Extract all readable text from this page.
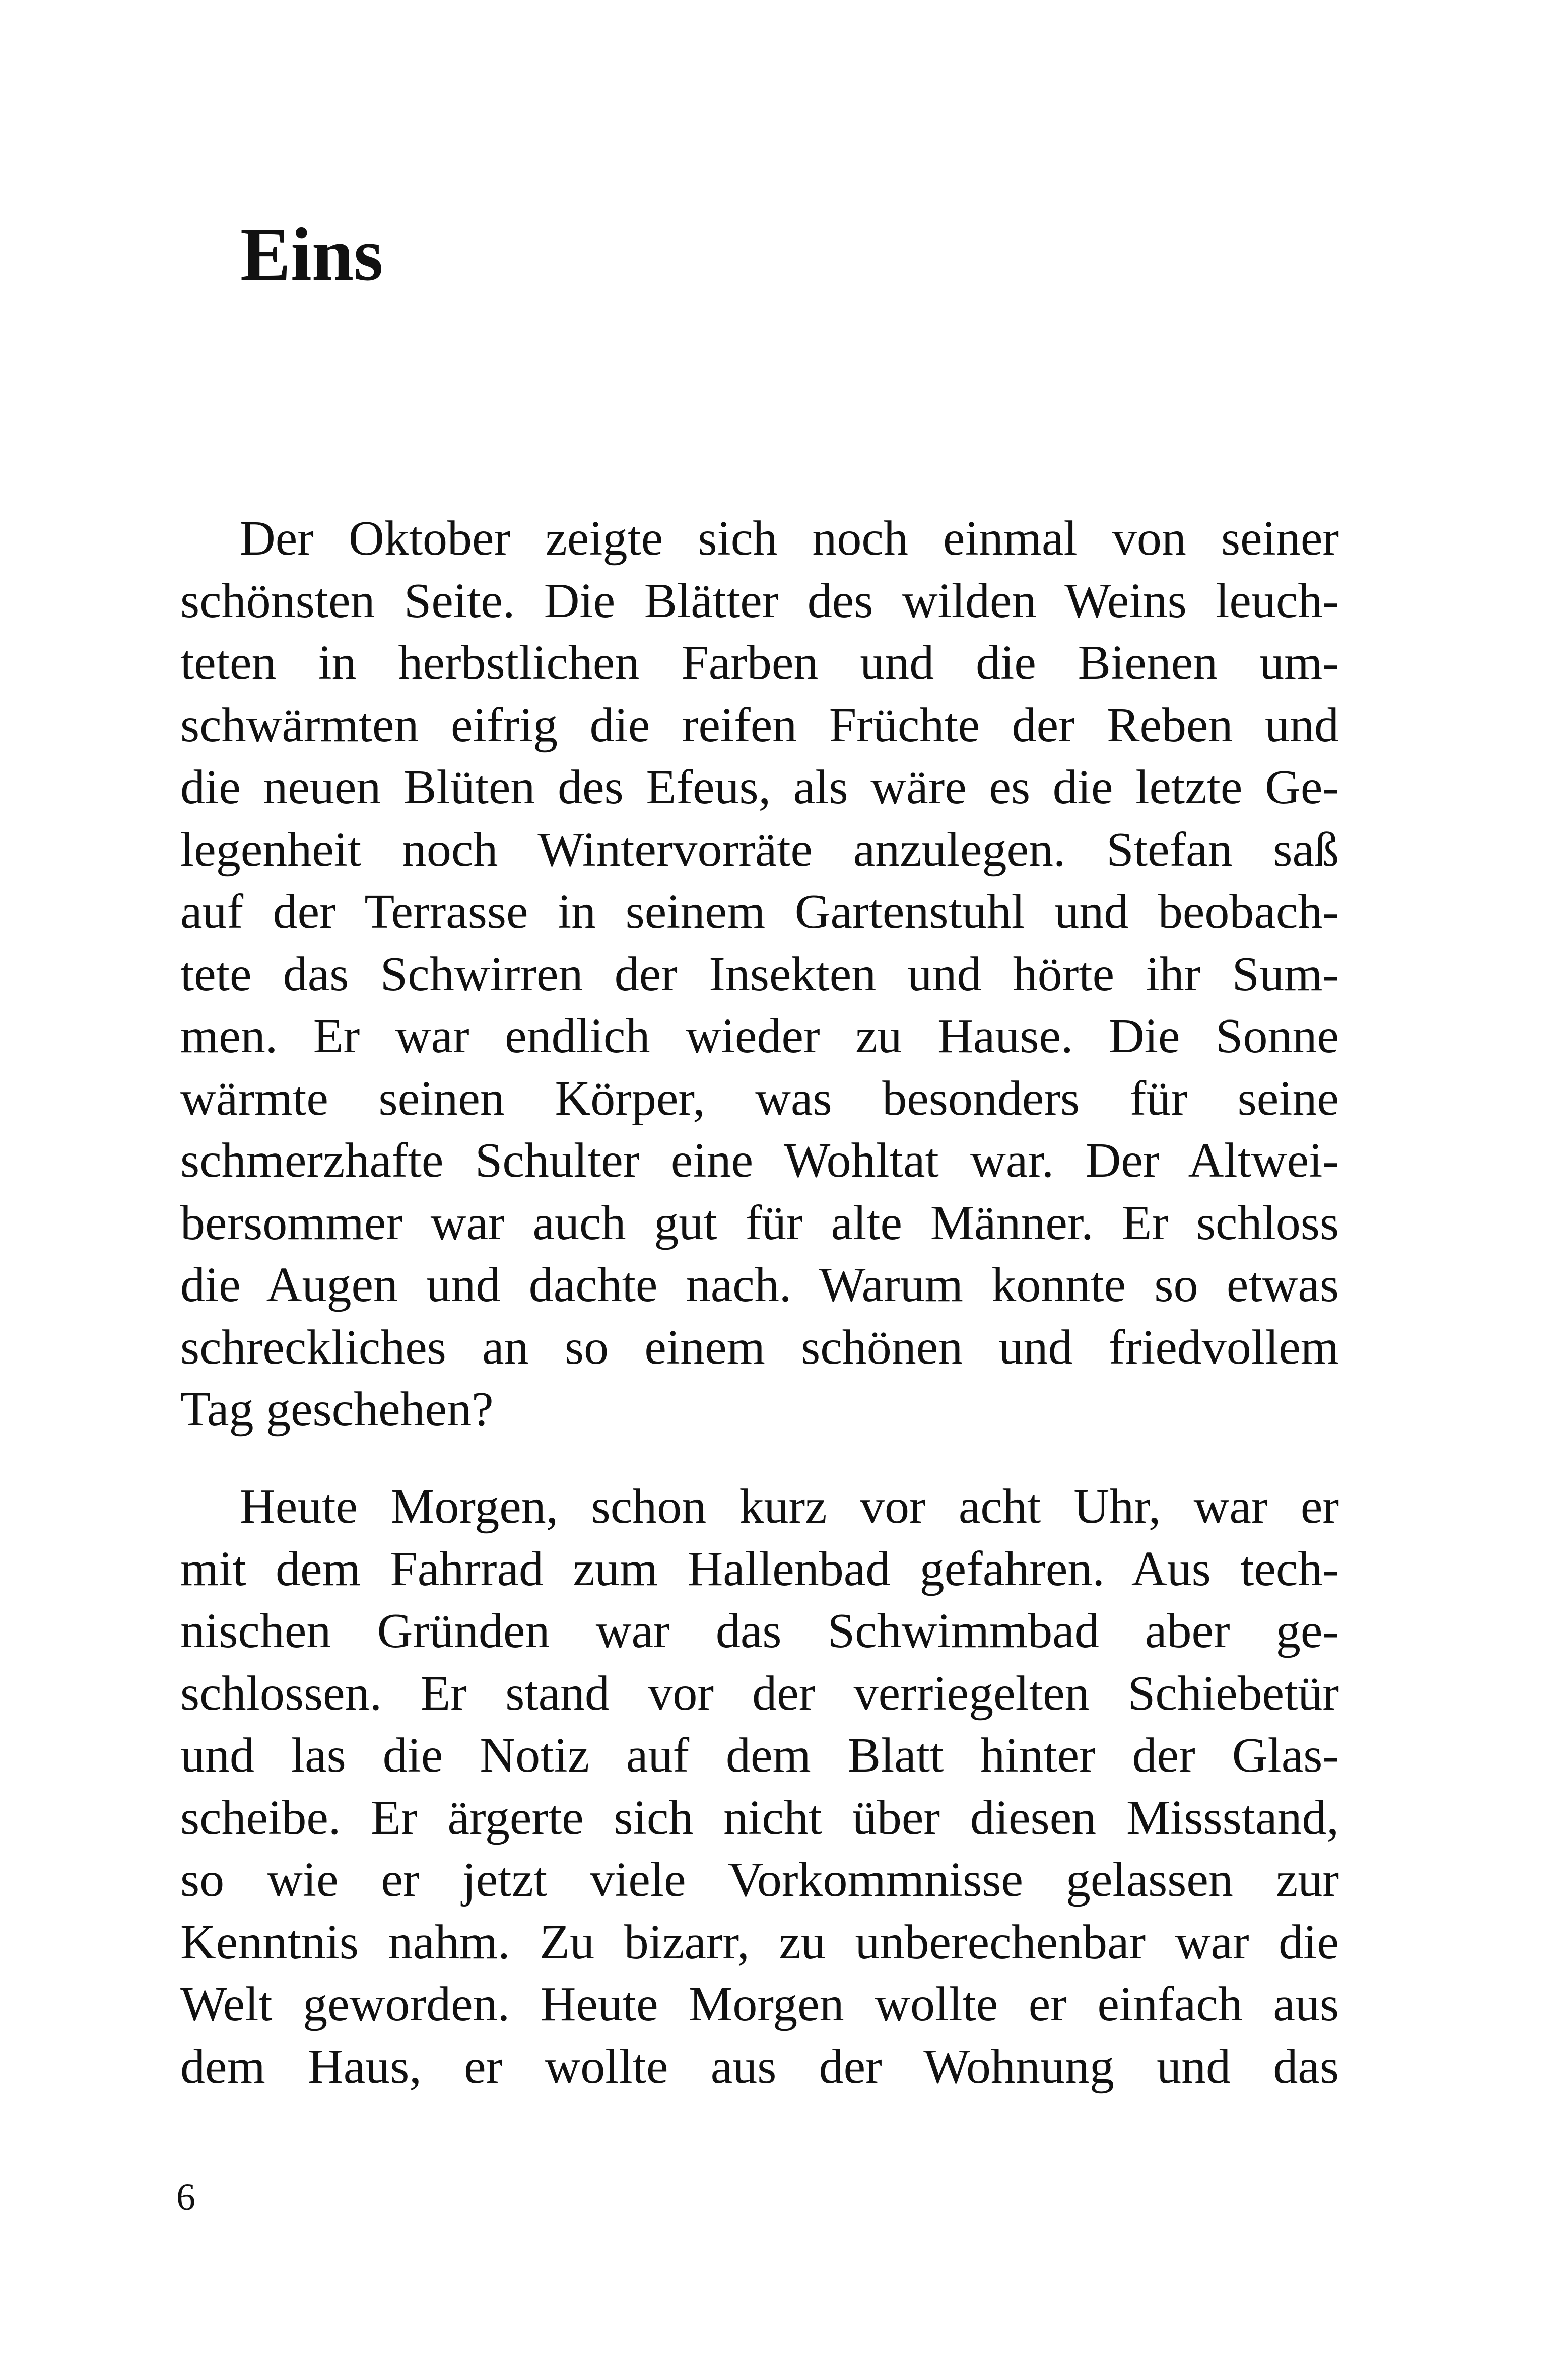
Eins
Der Oktober zeigte sich noch einmal von seiner
schönsten Seite. Die Blätter des wilden Weins leuch-
teten in herbstlichen Farben und die Bienen um-
schwärmten eifrig die reifen Früchte der Reben und
die neuen Blüten des Efeus, als wäre es die letzte Ge-
legenheit noch Wintervorräte anzulegen. Stefan saß
auf der Terrasse in seinem Gartenstuhl und beobach-
tete das Schwirren der Insekten und hörte ihr Sum-
men. Er war endlich wieder zu Hause. Die Sonne
wärmte seinen Körper, was besonders für seine
schmerzhafte Schulter eine Wohltat war. Der Altwei-
bersommer war auch gut für alte Männer. Er schloss
die Augen und dachte nach. Warum konnte so etwas
schreckliches an so einem schönen und friedvollem
Tag geschehen?
Heute Morgen, schon kurz vor acht Uhr, war er
mit dem Fahrrad zum Hallenbad gefahren. Aus tech-
nischen Gründen war das Schwimmbad aber ge-
schlossen. Er stand vor der verriegelten Schiebetür
und las die Notiz auf dem Blatt hinter der Glas-
scheibe. Er ärgerte sich nicht über diesen Missstand,
so wie er jetzt viele Vorkommnisse gelassen zur
Kenntnis nahm. Zu bizarr, zu unberechenbar war die
Welt geworden. Heute Morgen wollte er einfach aus
dem Haus, er wollte aus der Wohnung und das

6
